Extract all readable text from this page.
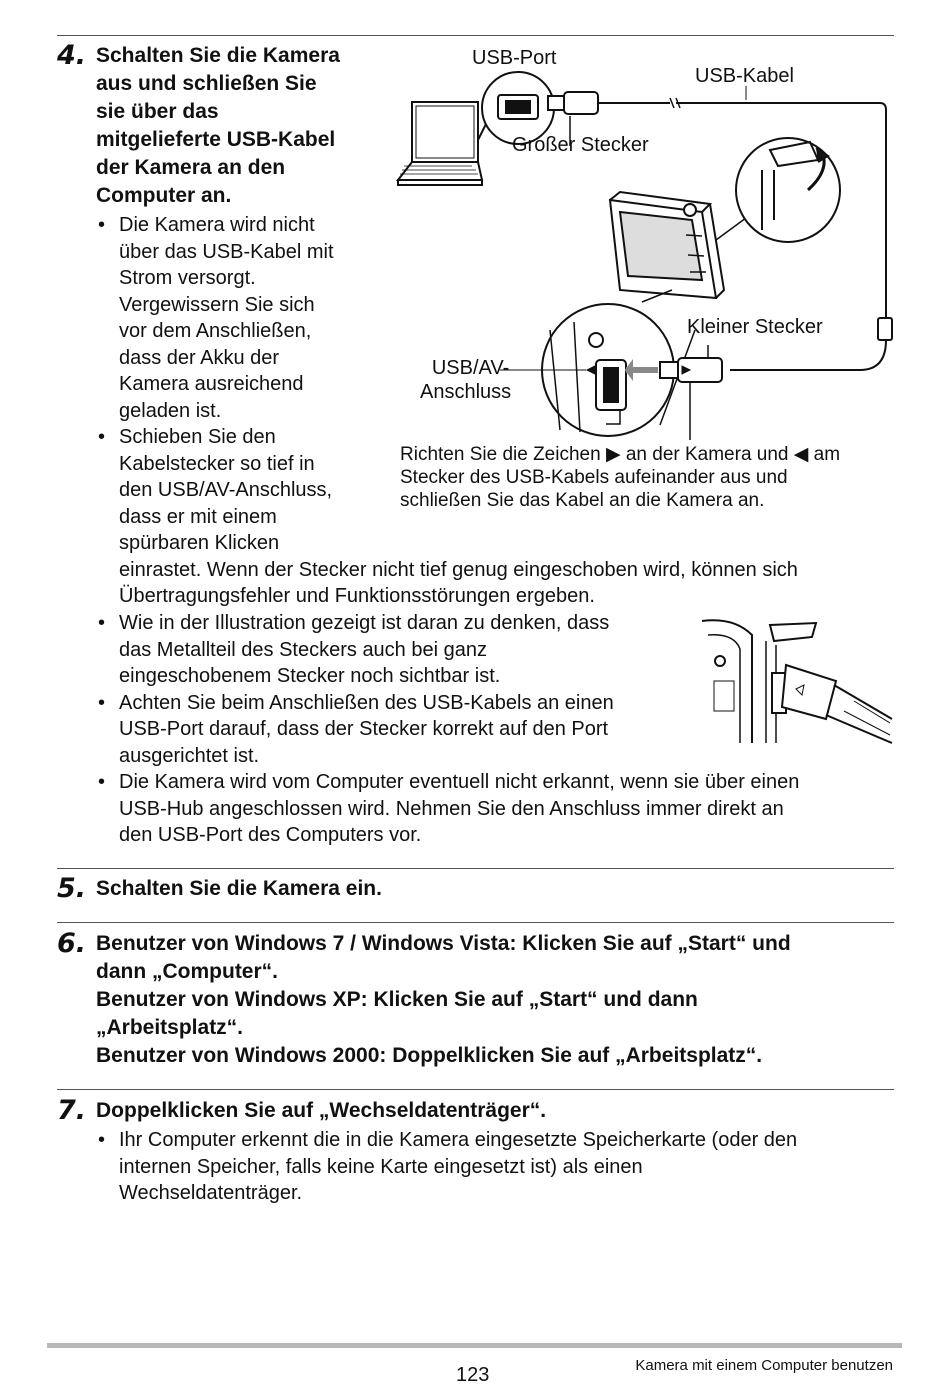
4. Schalten Sie die Kamera
aus und schließen Sie
sie über das
mitgelieferte USB-Kabel
der Kamera an den
Computer an.
• Die Kamera wird nicht
über das USB-Kabel mit
Strom versorgt.
Vergewissern Sie sich
vor dem Anschließen,
dass der Akku der
Kamera ausreichend
geladen ist.
• Schieben Sie den
Kabelstecker so tief in
den USB/AV-Anschluss,
dass er mit einem
spürbaren Klicken
einrastet. Wenn der Stecker nicht tief genug eingeschoben wird, können sich
Übertragungsfehler und Funktionsstörungen ergeben.
• Wie in der Illustration gezeigt ist daran zu denken, dass
das Metallteil des Steckers auch bei ganz
eingeschobenem Stecker noch sichtbar ist.
• Achten Sie beim Anschließen des USB-Kabels an einen
USB-Port darauf, dass der Stecker korrekt auf den Port
ausgerichtet ist.
• Die Kamera wird vom Computer eventuell nicht erkannt, wenn sie über einen
USB-Hub angeschlossen wird. Nehmen Sie den Anschluss immer direkt an
den USB-Port des Computers vor.
USB-Port
USB-Kabel
Großer Stecker
Kleiner Stecker
USB/AV-
Anschluss
Richten Sie die Zeichen ▶ an der Kamera und ◀ am
Stecker des USB-Kabels aufeinander aus und
schließen Sie das Kabel an die Kamera an.
5. Schalten Sie die Kamera ein.
6. Benutzer von Windows 7 / Windows Vista: Klicken Sie auf „Start“ und
dann „Computer“.
Benutzer von Windows XP: Klicken Sie auf „Start“ und dann
„Arbeitsplatz“.
Benutzer von Windows 2000: Doppelklicken Sie auf „Arbeitsplatz“.
7. Doppelklicken Sie auf „Wechseldatenträger“.
• Ihr Computer erkennt die in die Kamera eingesetzte Speicherkarte (oder den
internen Speicher, falls keine Karte eingesetzt ist) als einen
Wechseldatenträger.
123	Kamera mit einem Computer benutzen
